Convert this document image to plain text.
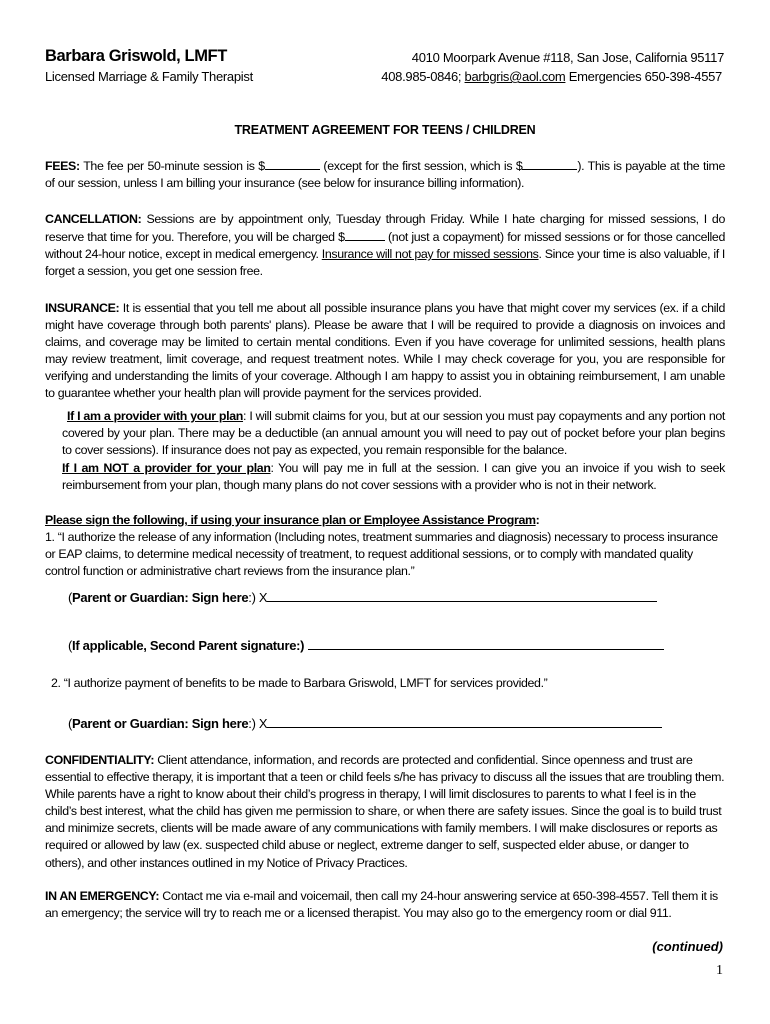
Barbara Griswold, LMFT
Licensed Marriage & Family Therapist
4010 Moorpark Avenue #118, San Jose, California 95117
408.985-0846; barbgris@aol.com Emergencies 650-398-4557
TREATMENT AGREEMENT FOR TEENS / CHILDREN
FEES: The fee per 50-minute session is $	(except for the first session, which is $	). This is payable at the time of our session, unless I am billing your insurance (see below for insurance billing information).
CANCELLATION: Sessions are by appointment only, Tuesday through Friday. While I hate charging for missed sessions, I do reserve that time for you. Therefore, you will be charged $	(not just a copayment) for missed sessions or for those cancelled without 24-hour notice, except in medical emergency. Insurance will not pay for missed sessions. Since your time is also valuable, if I forget a session, you get one session free.
INSURANCE: It is essential that you tell me about all possible insurance plans you have that might cover my services (ex. if a child might have coverage through both parents' plans). Please be aware that I will be required to provide a diagnosis on invoices and claims, and coverage may be limited to certain mental conditions. Even if you have coverage for unlimited sessions, health plans may review treatment, limit coverage, and request treatment notes. While I may check coverage for you, you are responsible for verifying and understanding the limits of your coverage. Although I am happy to assist you in obtaining reimbursement, I am unable to guarantee whether your health plan will provide payment for the services provided.
If I am a provider with your plan: I will submit claims for you, but at our session you must pay copayments and any portion not covered by your plan. There may be a deductible (an annual amount you will need to pay out of pocket before your plan begins to cover sessions). If insurance does not pay as expected, you remain responsible for the balance.
If I am NOT a provider for your plan: You will pay me in full at the session. I can give you an invoice if you wish to seek reimbursement from your plan, though many plans do not cover sessions with a provider who is not in their network.
Please sign the following, if using your insurance plan or Employee Assistance Program:
1. “I authorize the release of any information (Including notes, treatment summaries and diagnosis) necessary to process insurance or EAP claims, to determine medical necessity of treatment, to request additional sessions, or to comply with mandated quality control function or administrative chart reviews from the insurance plan.”
(Parent or Guardian: Sign here:) X
(If applicable, Second Parent signature:)
2. “I authorize payment of benefits to be made to Barbara Griswold, LMFT for services provided.”
(Parent or Guardian: Sign here:) X
CONFIDENTIALITY: Client attendance, information, and records are protected and confidential. Since openness and trust are essential to effective therapy, it is important that a teen or child feels s/he has privacy to discuss all the issues that are troubling them. While parents have a right to know about their child’s progress in therapy, I will limit disclosures to parents to what I feel is in the child’s best interest, what the child has given me permission to share, or when there are safety issues. Since the goal is to build trust and minimize secrets, clients will be made aware of any communications with family members. I will make disclosures or reports as required or allowed by law (ex. suspected child abuse or neglect, extreme danger to self, suspected elder abuse, or danger to others), and other instances outlined in my Notice of Privacy Practices.
IN AN EMERGENCY: Contact me via e-mail and voicemail, then call my 24-hour answering service at 650-398-4557. Tell them it is an emergency; the service will try to reach me or a licensed therapist. You may also go to the emergency room or dial 911.
(continued)
1
